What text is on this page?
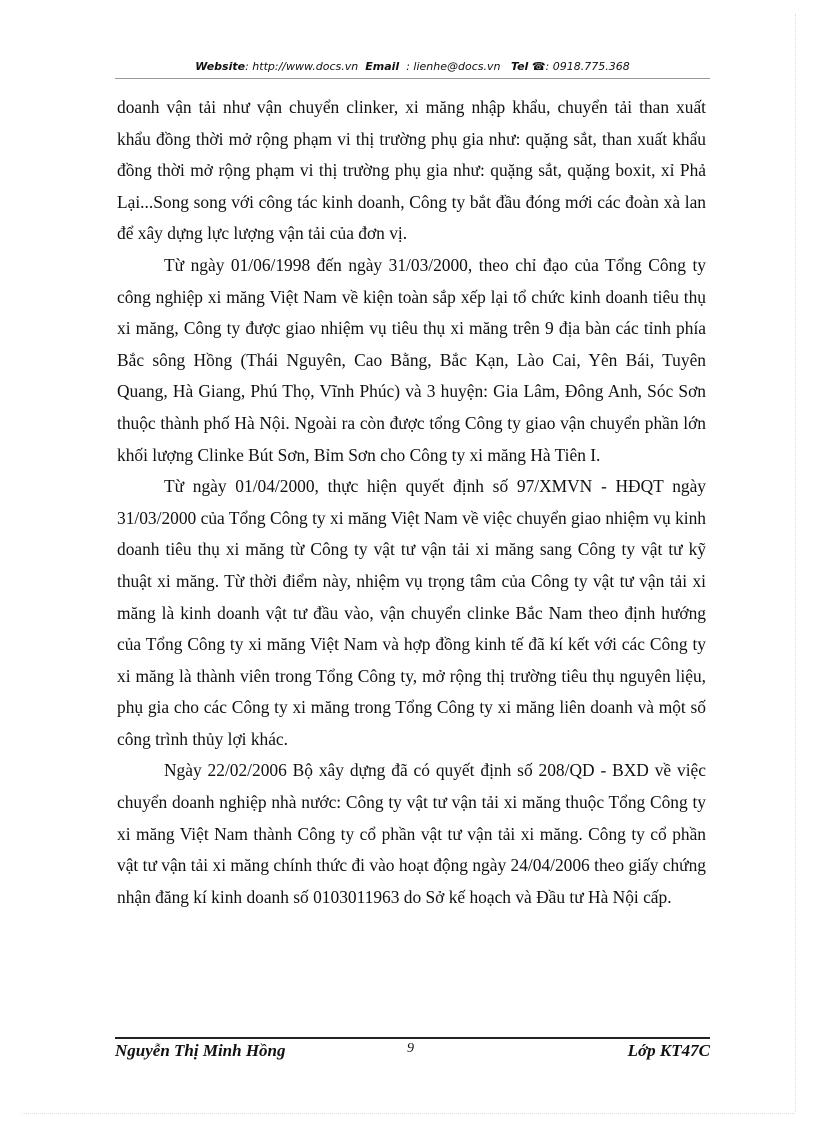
Website: http://www.docs.vn Email : lienhe@docs.vn Tel ☎: 0918.775.368

doanh vận tải như vận chuyển clinker, xi măng nhập khẩu, chuyển tải than xuất khẩu đồng thời mở rộng phạm vi thị trường phụ gia như: quặng sắt, than xuất khẩu đồng thời mở rộng phạm vi thị trường phụ gia như: quặng sắt, quặng boxit, xỉ Phả Lại...Song song với công tác kinh doanh, Công ty bắt đầu đóng mới các đoàn xà lan để xây dựng lực lượng vận tải của đơn vị.

Từ ngày 01/06/1998 đến ngày 31/03/2000, theo chỉ đạo của Tổng Công ty công nghiệp xi măng Việt Nam về kiện toàn sắp xếp lại tổ chức kinh doanh tiêu thụ xi măng, Công ty được giao nhiệm vụ tiêu thụ xi măng trên 9 địa bàn các tỉnh phía Bắc sông Hồng (Thái Nguyên, Cao Bằng, Bắc Kạn, Lào Cai, Yên Bái, Tuyên Quang, Hà Giang, Phú Thọ, Vĩnh Phúc) và 3 huyện: Gia Lâm, Đông Anh, Sóc Sơn thuộc thành phố Hà Nội. Ngoài ra còn được tổng Công ty giao vận chuyển phần lớn khối lượng Clinke Bút Sơn, Bỉm Sơn cho Công ty xi măng Hà Tiên I.

Từ ngày 01/04/2000, thực hiện quyết định số 97/XMVN - HĐQT ngày 31/03/2000 của Tổng Công ty xi măng Việt Nam về việc chuyển giao nhiệm vụ kinh doanh tiêu thụ xi măng từ Công ty vật tư vận tải xi măng sang Công ty vật tư kỹ thuật xi măng. Từ thời điểm này, nhiệm vụ trọng tâm của Công ty vật tư vận tải xi măng là kinh doanh vật tư đầu vào, vận chuyển clinke Bắc Nam theo định hướng của Tổng Công ty xi măng Việt Nam và hợp đồng kinh tế đã kí kết với các Công ty xi măng là thành viên trong Tổng Công ty, mở rộng thị trường tiêu thụ nguyên liệu, phụ gia cho các Công ty xi măng trong Tổng Công ty xi măng liên doanh và một số công trình thủy lợi khác.

Ngày 22/02/2006 Bộ xây dựng đã có quyết định số 208/QD - BXD về việc chuyển doanh nghiệp nhà nước: Công ty vật tư vận tải xi măng thuộc Tổng Công ty xi măng Việt Nam thành Công ty cổ phần vật tư vận tải xi măng. Công ty cổ phần vật tư vận tải xi măng chính thức đi vào hoạt động ngày 24/04/2006 theo giấy chứng nhận đăng kí kinh doanh số 0103011963 do Sở kế hoạch và Đầu tư Hà Nội cấp.

Nguyễn Thị Minh Hồng	9	Lớp KT47C
